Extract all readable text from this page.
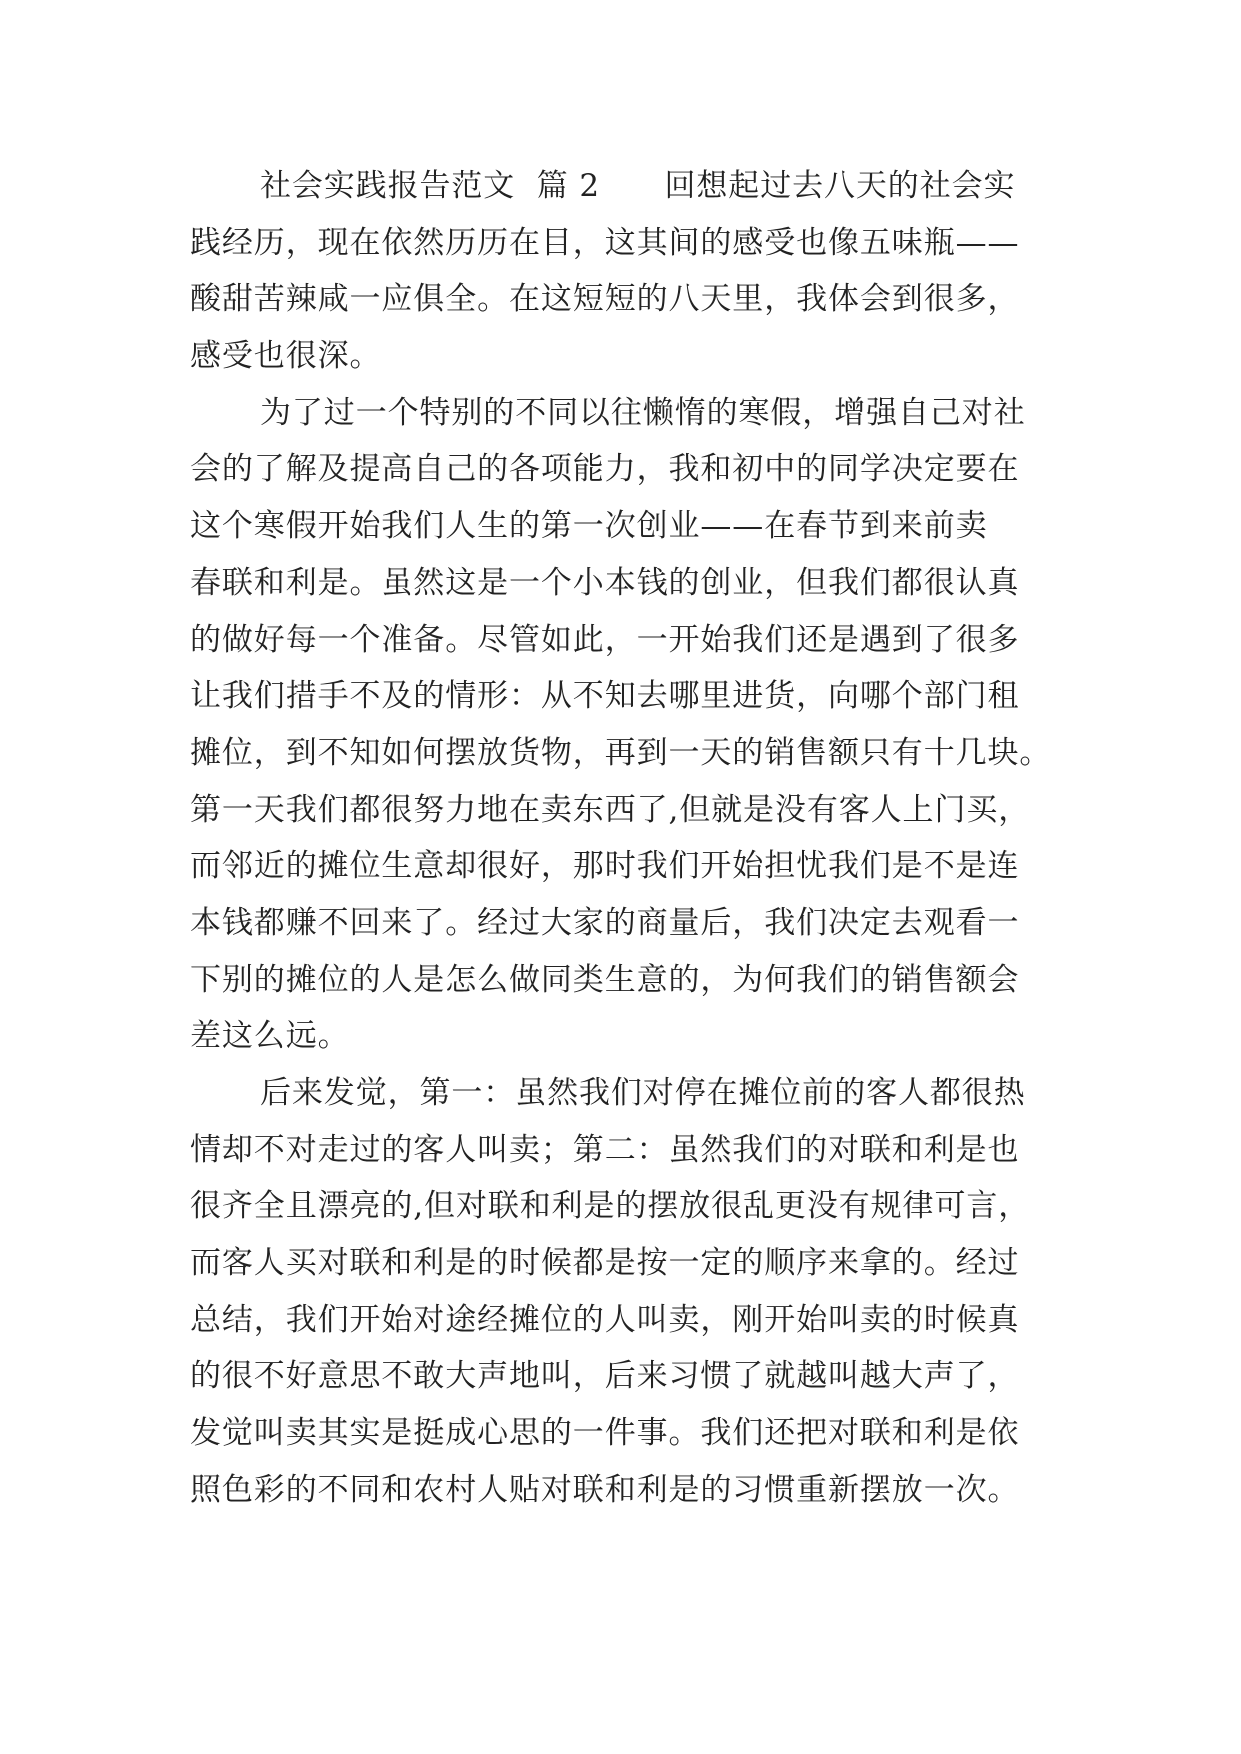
社会实践报告范文  篇 2      回想起过去八天的社会实
践经历，现在依然历历在目，这其间的感受也像五味瓶——
酸甜苦辣咸一应俱全。在这短短的八天里，我体会到很多，
感受也很深。
为了过一个特别的不同以往懒惰的寒假，增强自己对社
会的了解及提高自己的各项能力，我和初中的同学决定要在
这个寒假开始我们人生的第一次创业——在春节到来前卖
春联和利是。虽然这是一个小本钱的创业，但我们都很认真
的做好每一个准备。尽管如此，一开始我们还是遇到了很多
让我们措手不及的情形：从不知去哪里进货，向哪个部门租
摊位，到不知如何摆放货物，再到一天的销售额只有十几块。
第一天我们都很努力地在卖东西了,但就是没有客人上门买，
而邻近的摊位生意却很好，那时我们开始担忧我们是不是连
本钱都赚不回来了。经过大家的商量后，我们决定去观看一
下别的摊位的人是怎么做同类生意的，为何我们的销售额会
差这么远。
后来发觉，第一：虽然我们对停在摊位前的客人都很热
情却不对走过的客人叫卖；第二：虽然我们的对联和利是也
很齐全且漂亮的,但对联和利是的摆放很乱更没有规律可言，
而客人买对联和利是的时候都是按一定的顺序来拿的。经过
总结，我们开始对途经摊位的人叫卖，刚开始叫卖的时候真
的很不好意思不敢大声地叫，后来习惯了就越叫越大声了，
发觉叫卖其实是挺成心思的一件事。我们还把对联和利是依
照色彩的不同和农村人贴对联和利是的习惯重新摆放一次。
